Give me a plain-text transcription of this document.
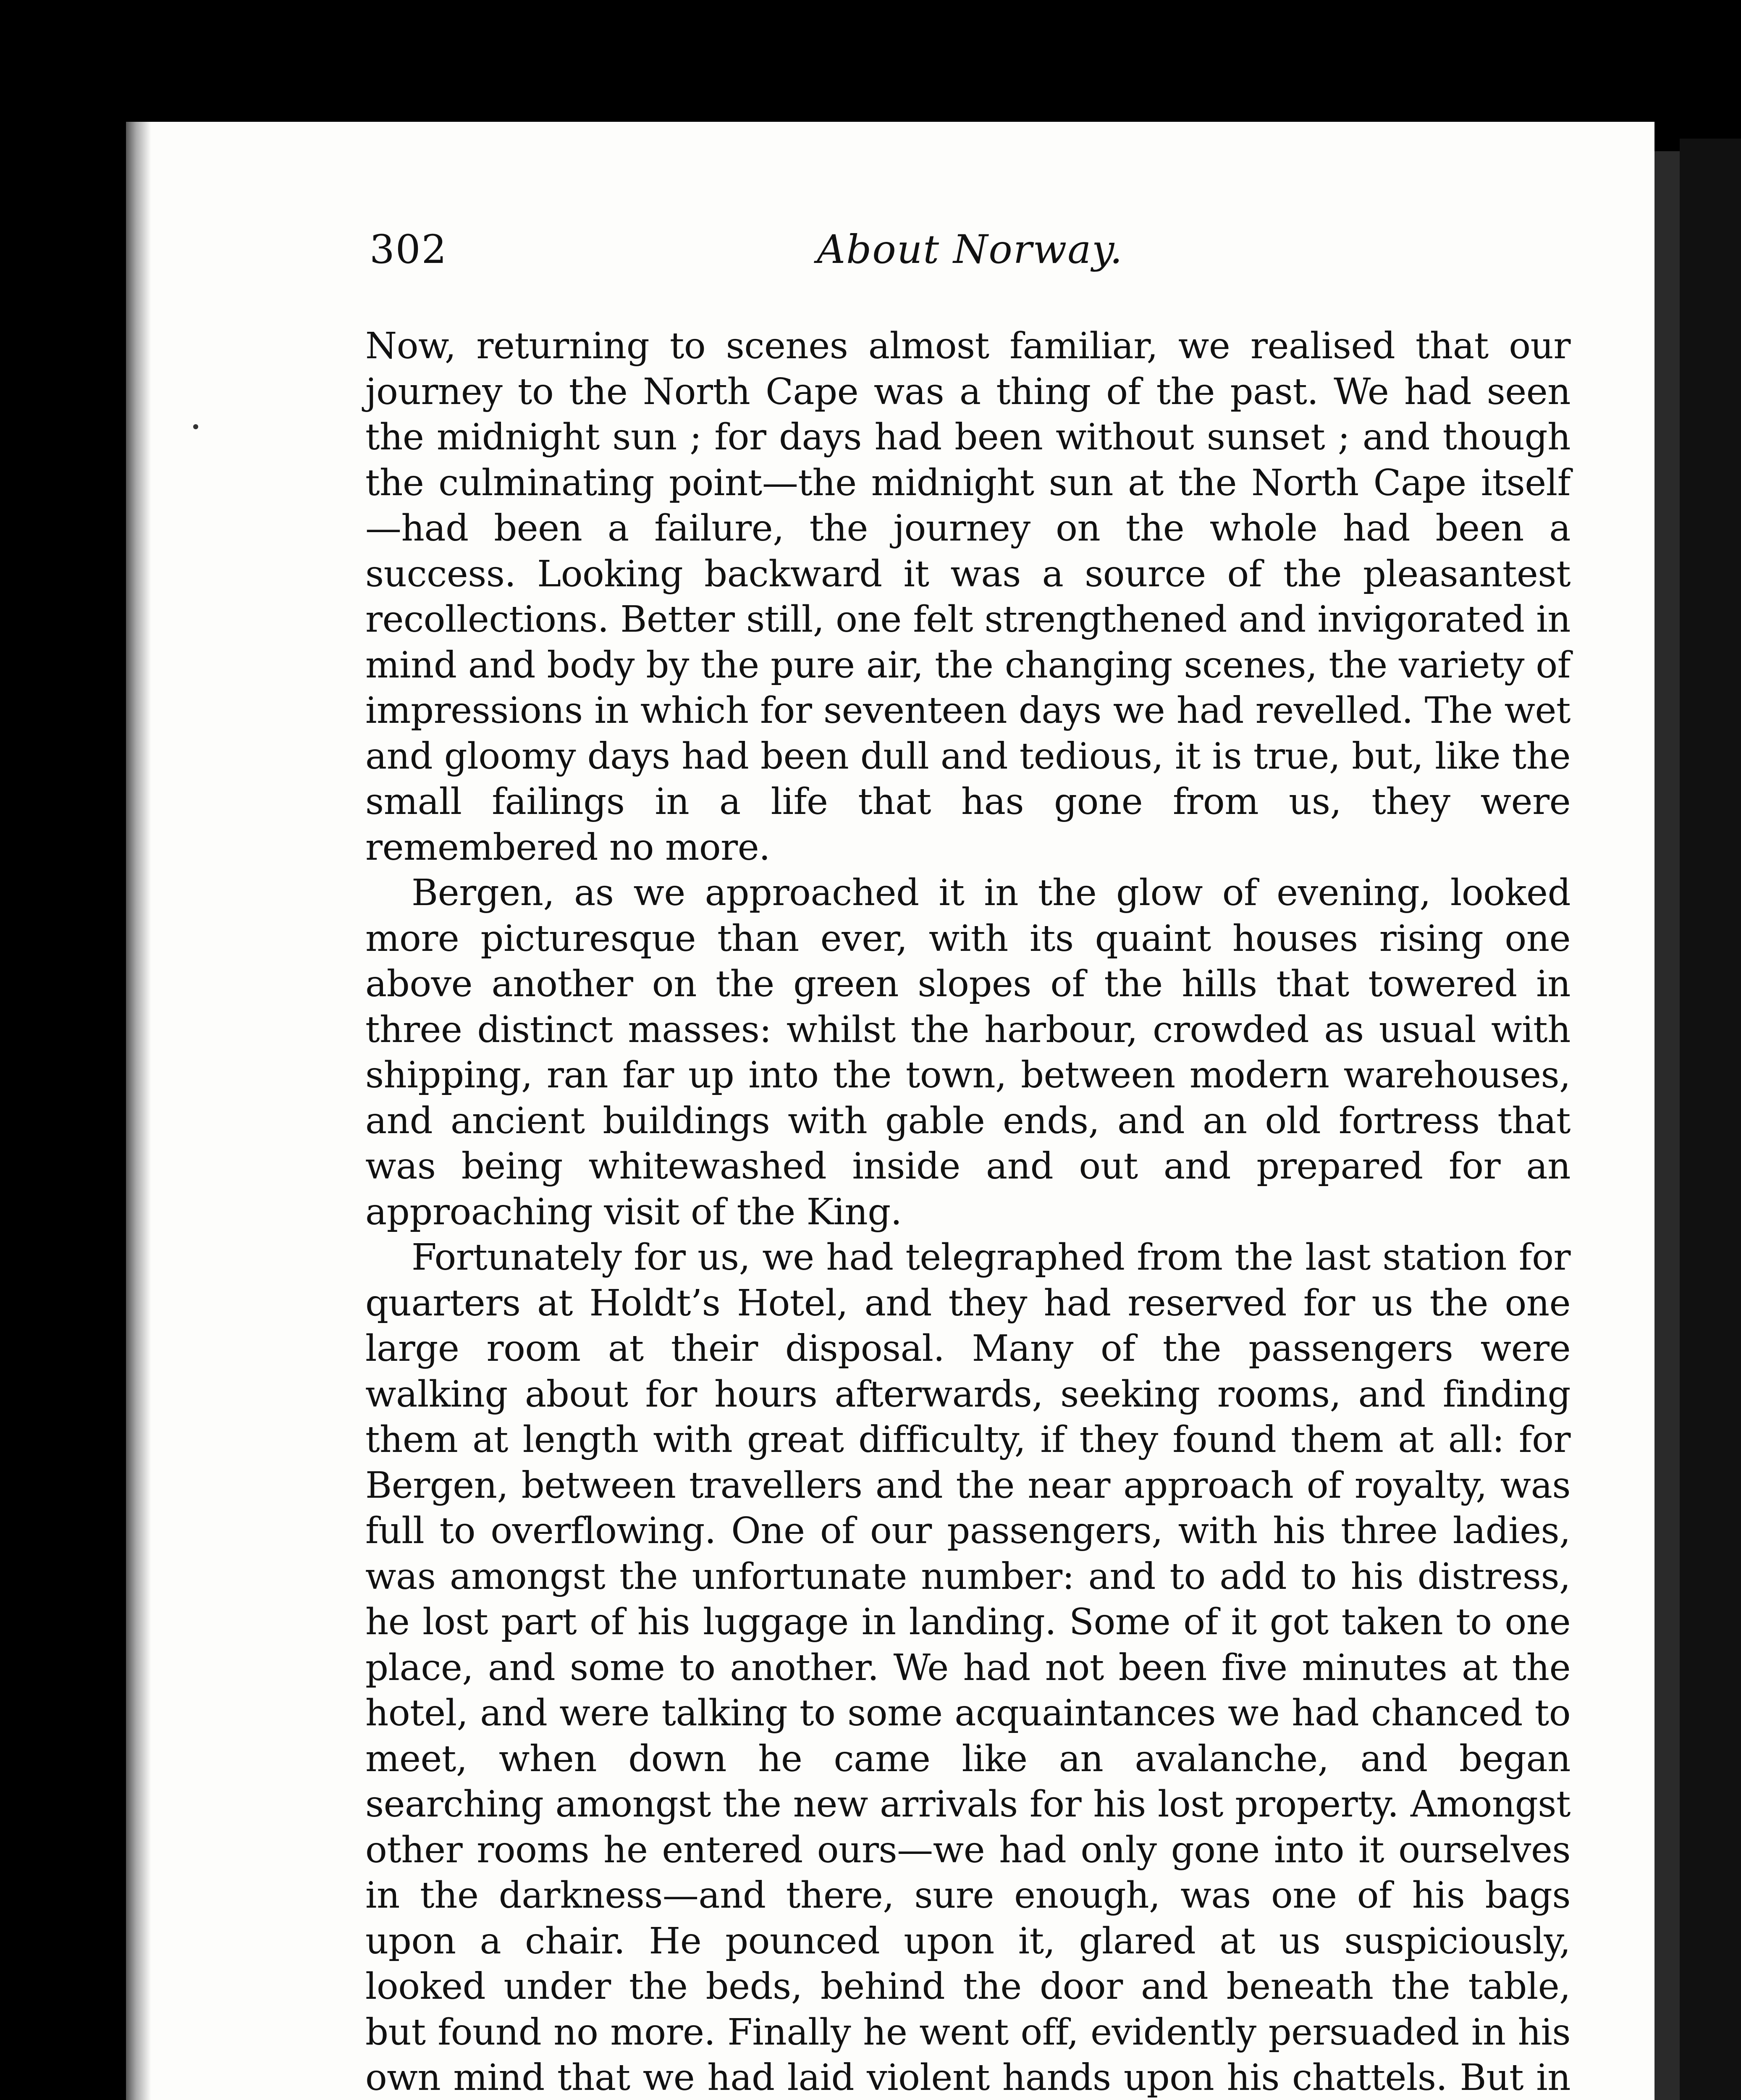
About Norway.
302

Now, returning to scenes almost familiar, we realised that our journey to the North Cape was a thing of the past. We had seen the midnight sun ; for days had been without sunset ; and though the culminating point—the midnight sun at the North Cape itself—had been a failure, the journey on the whole had been a success. Looking backward it was a source of the pleasantest recollections. Better still, one felt strengthened and invigorated in mind and body by the pure air, the changing scenes, the variety of impressions in which for seventeen days we had revelled. The wet and gloomy days had been dull and tedious, it is true, but, like the small failings in a life that has gone from us, they were remembered no more.

Bergen, as we approached it in the glow of evening, looked more picturesque than ever, with its quaint houses rising one above another on the green slopes of the hills that towered in three distinct masses: whilst the harbour, crowded as usual with shipping, ran far up into the town, between modern warehouses, and ancient buildings with gable ends, and an old fortress that was being whitewashed inside and out and prepared for an approaching visit of the King.

Fortunately for us, we had telegraphed from the last station for quarters at Holdt’s Hotel, and they had reserved for us the one large room at their disposal. Many of the passengers were walking about for hours afterwards, seeking rooms, and finding them at length with great difficulty, if they found them at all: for Bergen, between travellers and the near approach of royalty, was full to overflowing. One of our passengers, with his three ladies, was amongst the unfortunate number: and to add to his distress, he lost part of his luggage in landing. Some of it got taken to one place, and some to another. We had not been five minutes at the hotel, and were talking to some acquaintances we had chanced to meet, when down he came like an avalanche, and began searching amongst the new arrivals for his lost property. Amongst other rooms he entered ours—we had only gone into it ourselves in the darkness—and there, sure enough, was one of his bags upon a chair. He pounced upon it, glared at us suspiciously, looked under the beds, behind the door and beneath the table, but found no more. Finally he went off, evidently persuaded in his own mind that we had laid violent hands upon his chattels. But in
